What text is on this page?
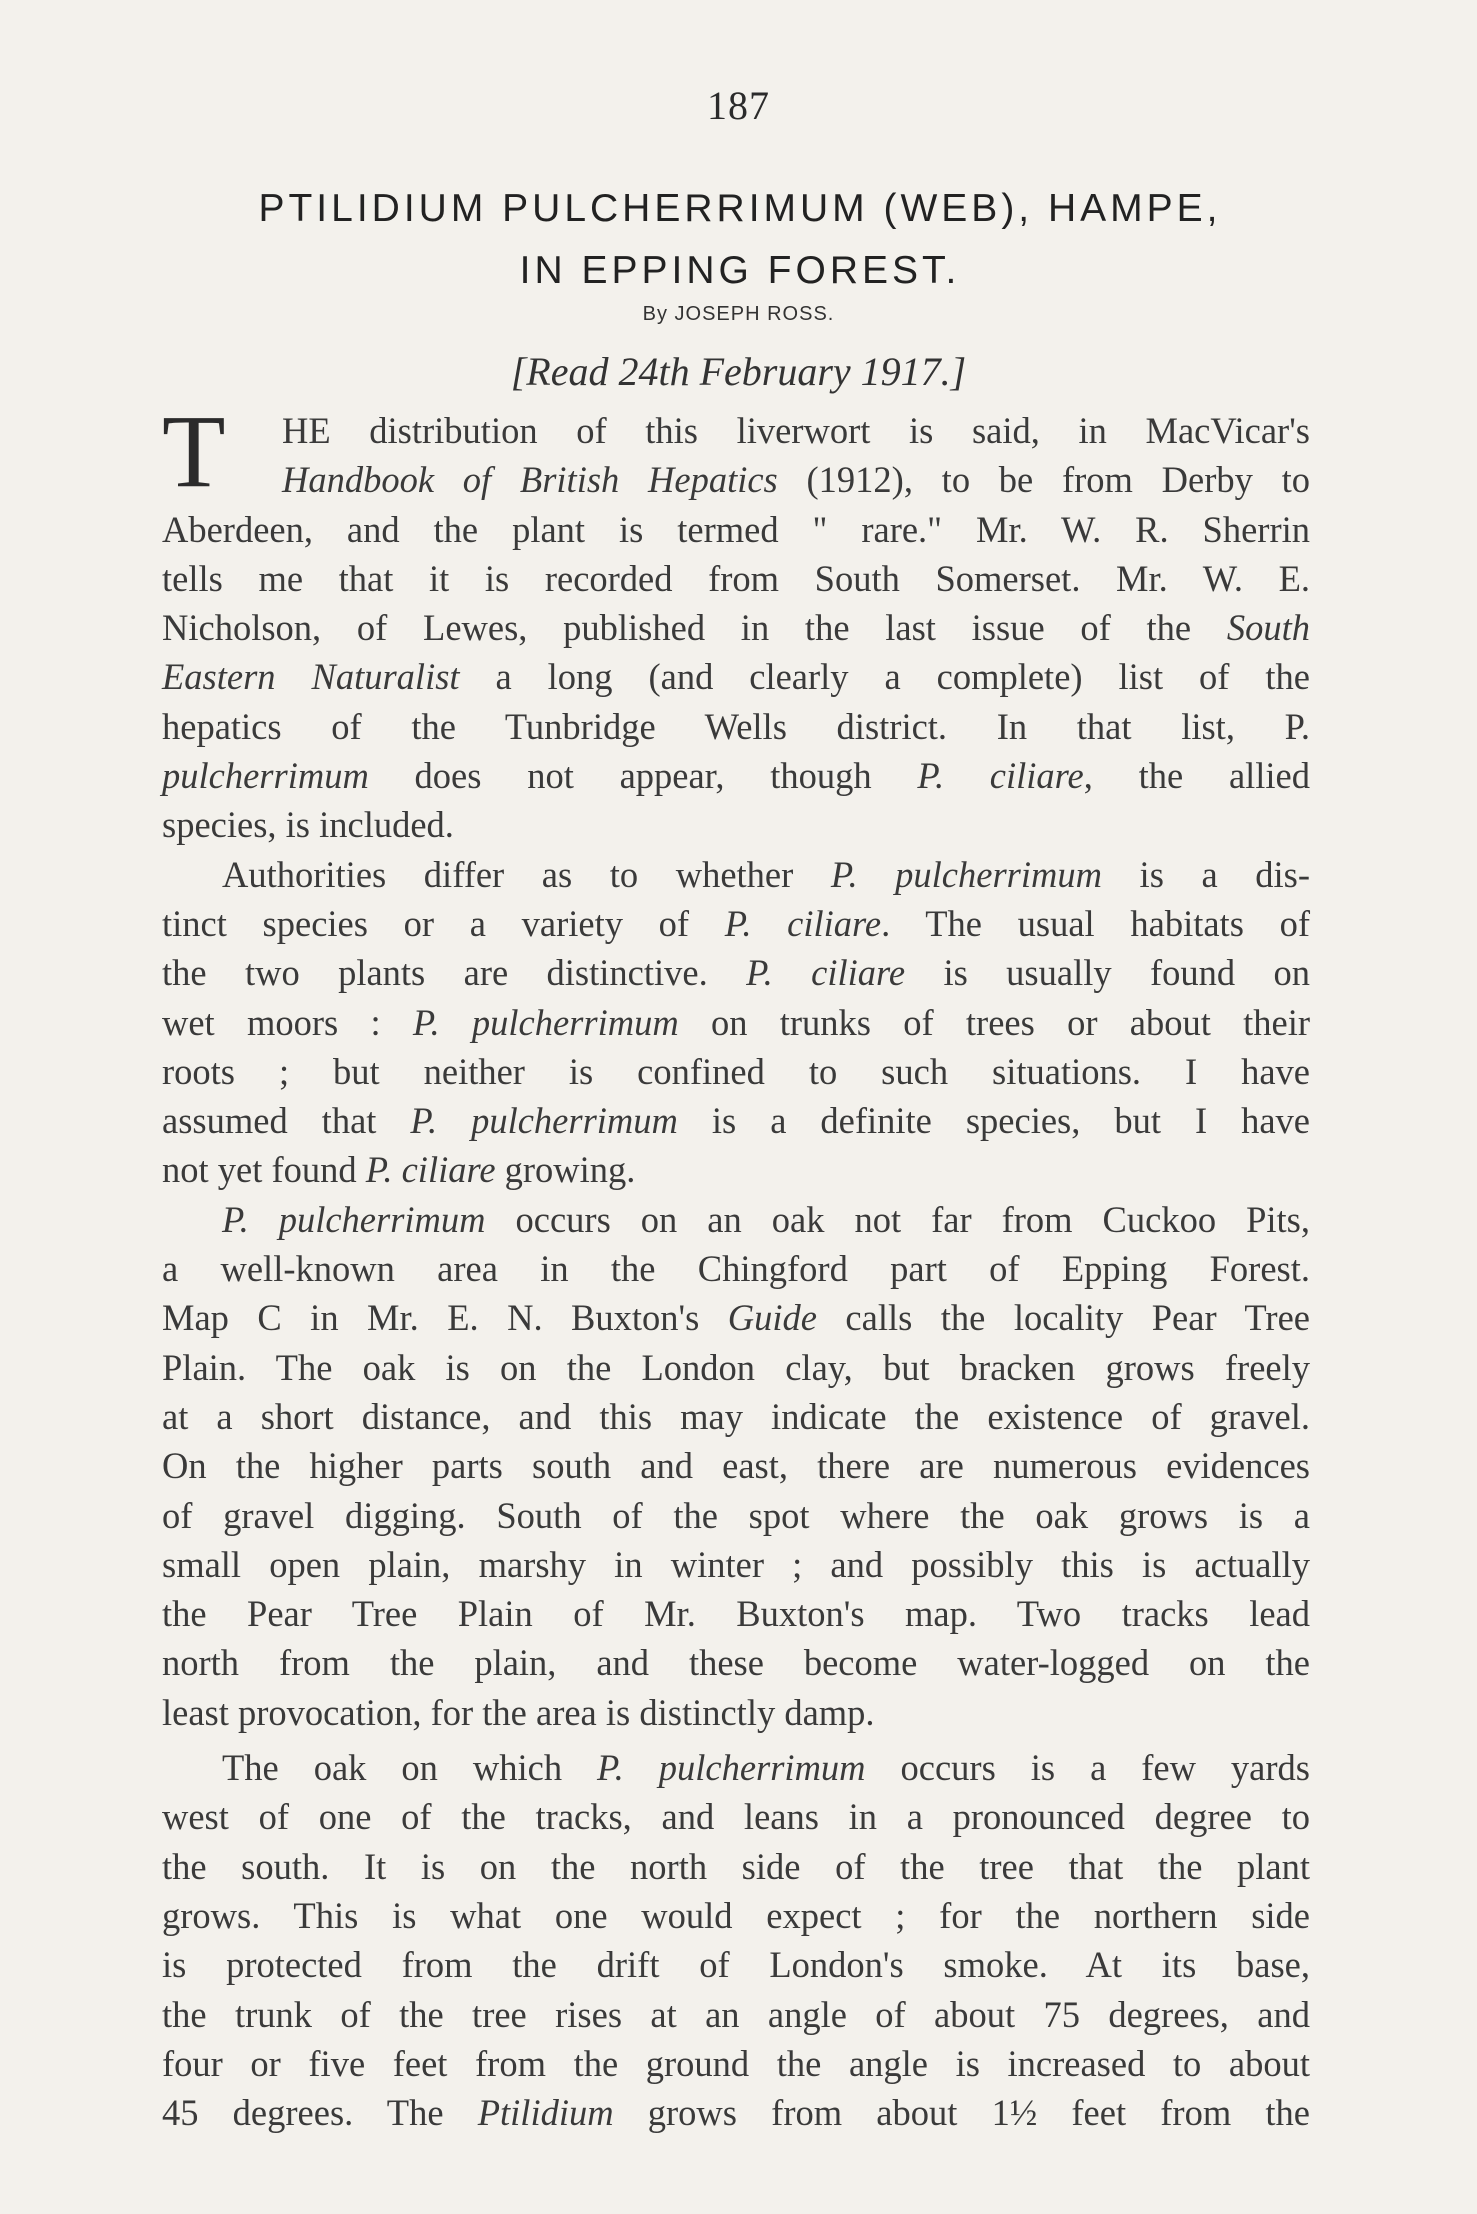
187
PTILIDIUM PULCHERRIMUM (WEB), HAMPE,
IN EPPING FOREST.
By JOSEPH ROSS.
[Read 24th February 1917.]
T	HE distribution of this liverwort is said, in MacVicar's
Handbook of British Hepatics (1912), to be from Derby to
Aberdeen, and the plant is termed " rare." Mr. W. R. Sherrin
tells me that it is recorded from South Somerset. Mr. W. E.
Nicholson, of Lewes, published in the last issue of the South
Eastern Naturalist a long (and clearly a complete) list of the
hepatics of the Tunbridge Wells district. In that list, P.
pulcherrimum does not appear, though P. ciliare, the allied
species, is included.
Authorities differ as to whether P. pulcherrimum is a dis-
tinct species or a variety of P. ciliare. The usual habitats of
the two plants are distinctive. P. ciliare is usually found on
wet moors : P. pulcherrimum on trunks of trees or about their
roots ; but neither is confined to such situations. I have
assumed that P. pulcherrimum is a definite species, but I have
not yet found P. ciliare growing.
P. pulcherrimum occurs on an oak not far from Cuckoo Pits,
a well-known area in the Chingford part of Epping Forest.
Map C in Mr. E. N. Buxton's Guide calls the locality Pear Tree
Plain. The oak is on the London clay, but bracken grows freely
at a short distance, and this may indicate the existence of gravel.
On the higher parts south and east, there are numerous evidences
of gravel digging. South of the spot where the oak grows is a
small open plain, marshy in winter ; and possibly this is actually
the Pear Tree Plain of Mr. Buxton's map. Two tracks lead
north from the plain, and these become water-logged on the
least provocation, for the area is distinctly damp.
The oak on which P. pulcherrimum occurs is a few yards
west of one of the tracks, and leans in a pronounced degree to
the south. It is on the north side of the tree that the plant
grows. This is what one would expect ; for the northern side
is protected from the drift of London's smoke. At its base,
the trunk of the tree rises at an angle of about 75 degrees, and
four or five feet from the ground the angle is increased to about
45 degrees. The Ptilidium grows from about 1½ feet from the
